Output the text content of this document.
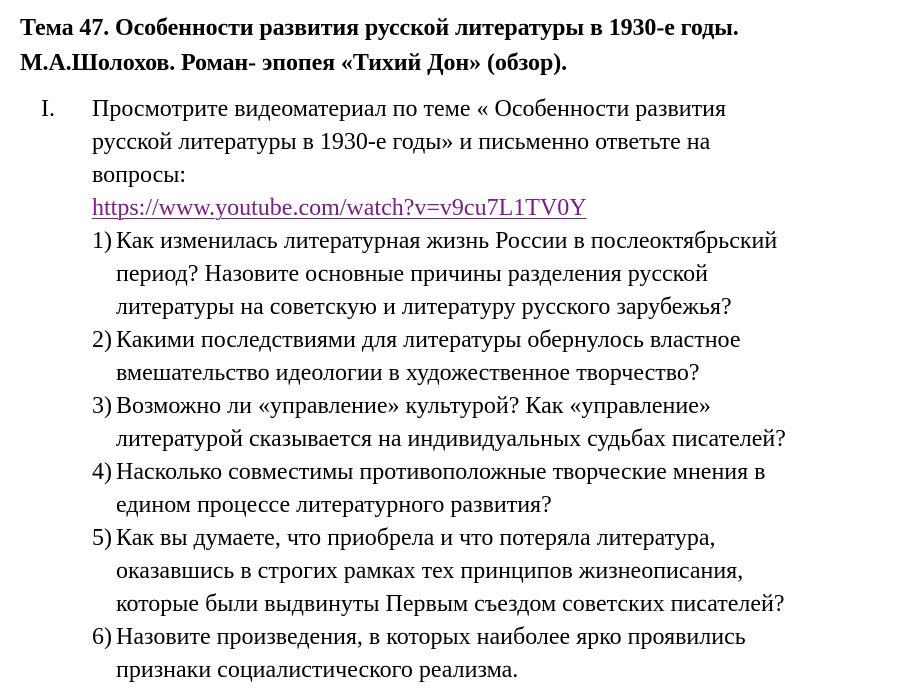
Тема 47. Особенности развития русской литературы в 1930-е годы.
М.А.Шолохов. Роман- эпопея «Тихий Дон» (обзор).
I. Просмотрите видеоматериал по теме « Особенности развития
русской литературы в 1930-е годы» и письменно ответьте на
вопросы:
https://www.youtube.com/watch?v=v9cu7L1TV0Y
1) Как изменилась литературная жизнь России в послеоктябрьский
период? Назовите основные причины разделения русской
литературы на советскую и литературу русского зарубежья?
2) Какими последствиями для литературы обернулось властное
вмешательство идеологии в художественное творчество?
3) Возможно ли «управление» культурой? Как «управление»
литературой сказывается на индивидуальных судьбах писателей?
4) Насколько совместимы противоположные творческие мнения в
едином процессе литературного развития?
5) Как вы думаете, что приобрела и что потеряла литература,
оказавшись в строгих рамках тех принципов жизнеописания,
которые были выдвинуты Первым съездом советских писателей?
6) Назовите произведения, в которых наиболее ярко проявились
признаки социалистического реализма.
